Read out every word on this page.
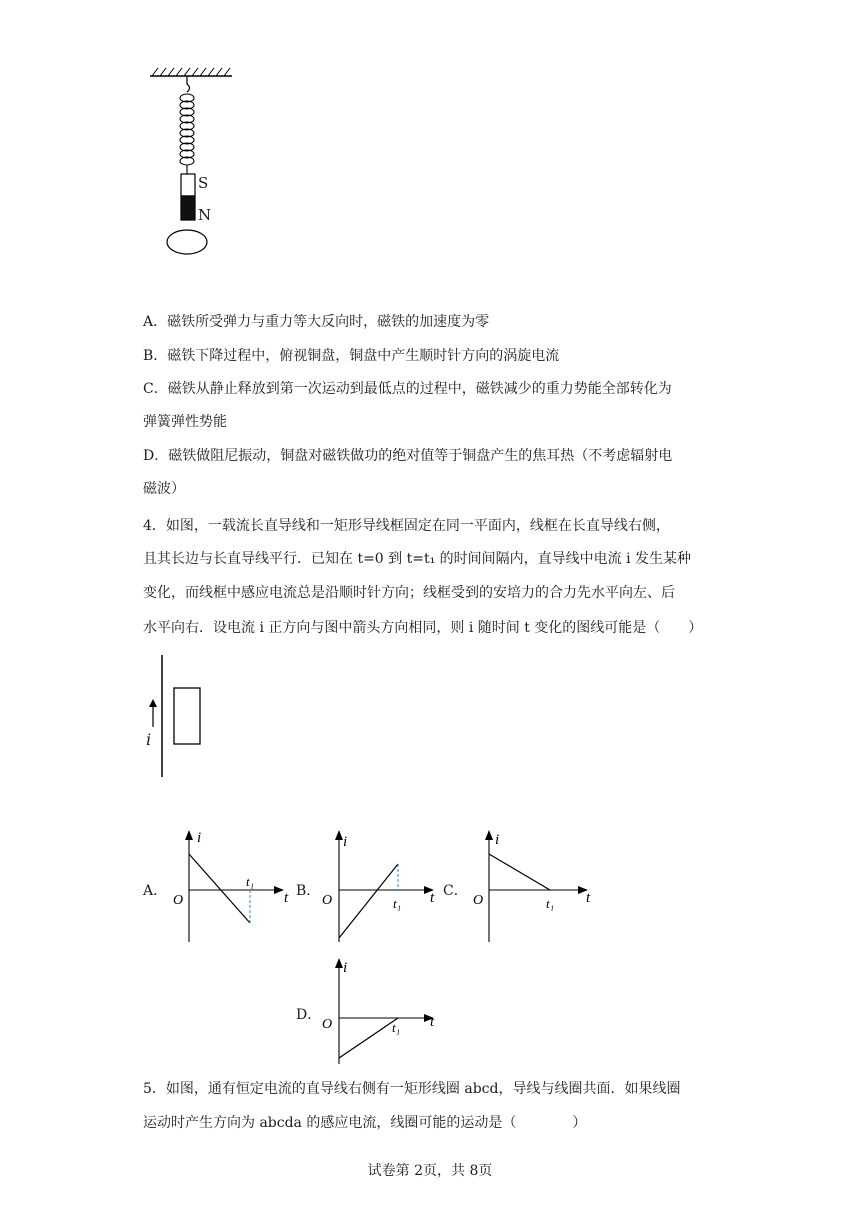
S
N
A．磁铁所受弹力与重力等大反向时，磁铁的加速度为零
B．磁铁下降过程中，俯视铜盘，铜盘中产生顺时针方向的涡旋电流
C．磁铁从静止释放到第一次运动到最低点的过程中，磁铁减少的重力势能全部转化为
弹簧弹性势能
D．磁铁做阻尼振动，铜盘对磁铁做功的绝对值等于铜盘产生的焦耳热（不考虑辐射电
磁波）
4．如图，一载流长直导线和一矩形导线框固定在同一平面内，线框在长直导线右侧，
且其长边与长直导线平行．已知在 t=0 到 t=t₁ 的时间间隔内，直导线中电流 i 发生某种
变化，而线框中感应电流总是沿顺时针方向；线框受到的安培力的合力先水平向左、后
水平向右．设电流 i 正方向与图中箭头方向相同，则 i 随时间 t 变化的图线可能是（　　）
i
A．
i
O	t
t₁
B．
i
O	t
t₁
C．
i
O	t
t₁
D．
i
O	t
t₁
5．如图，通有恒定电流的直导线右侧有一矩形线圈 abcd，导线与线圈共面．如果线圈
运动时产生方向为 abcda 的感应电流，线圈可能的运动是（　　　　）
试卷第 2页，共 8页
